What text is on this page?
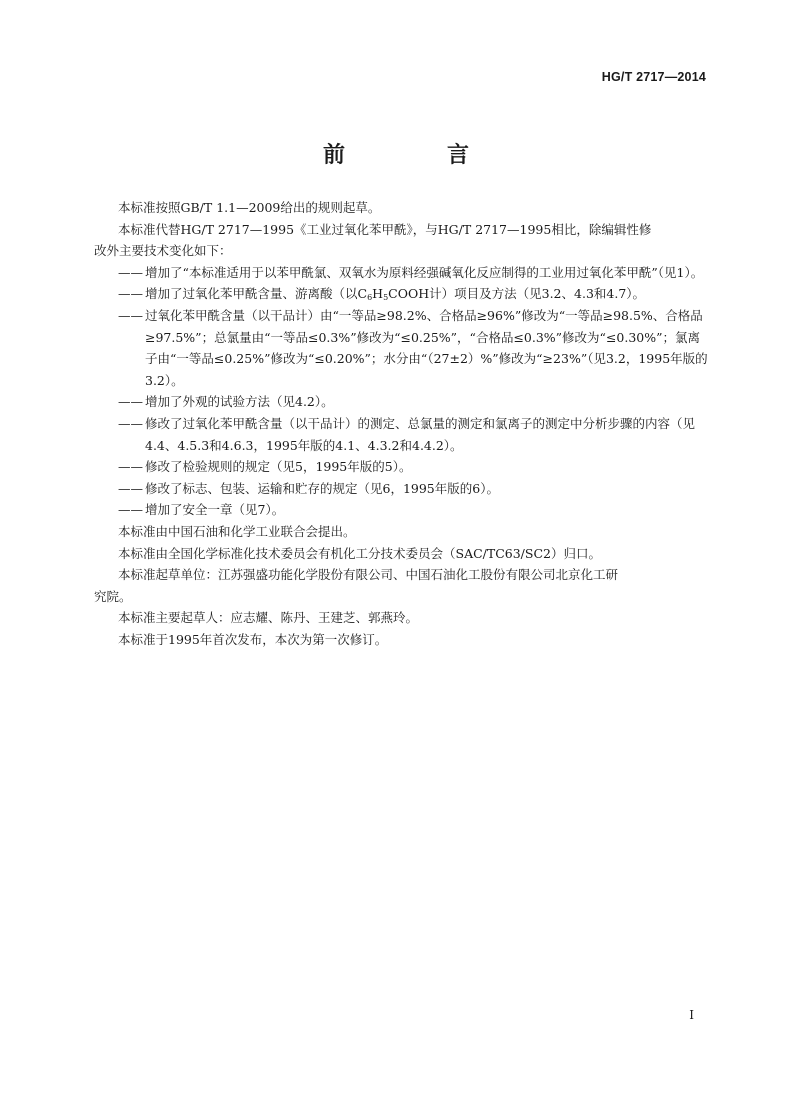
HG/T 2717—2014
前　言

本标准按照GB/T 1.1—2009给出的规则起草。

本标准代替HG/T 2717—1995《工业过氧化苯甲酰》，与HG/T 2717—1995相比，除编辑性修

改外主要技术变化如下：

—— 增加了“本标准适用于以苯甲酰氯、双氧水为原料经强碱氧化反应制得的工业用过氧化苯甲酰”（见1）。
—— 增加了过氧化苯甲酰含量、游离酸（以$C_6H_5COOH$计）项目及方法（见3.2、4.3和4.7）。
—— 过氧化苯甲酰含量（以干品计）由“一等品≥98.2%、合格品≥96%”修改为“一等品≥98.5%、合格品≥97.5%”；总氯量由“一等品≤0.3%”修改为“≤0.25%”，“合格品≤0.3%”修改为“≤0.30%”；氯离子由“一等品≤0.25%”修改为“≤0.20%”；水分由“（27±2）%”修改为“≥23%”（见3.2，1995年版的3.2）。
—— 增加了外观的试验方法（见4.2）。
—— 修改了过氧化苯甲酰含量（以干品计）的测定、总氯量的测定和氯离子的测定中分析步骤的内容（见4.4、4.5.3和4.6.3，1995年版的4.1、4.3.2和4.4.2）。
—— 修改了检验规则的规定（见5，1995年版的5）。
—— 修改了标志、包装、运输和贮存的规定（见6，1995年版的6）。
—— 增加了安全一章（见7）。

本标准由中国石油和化学工业联合会提出。

本标准由全国化学标准化技术委员会有机化工分技术委员会（SAC/TC63/SC2）归口。

本标准起草单位：江苏强盛功能化学股份有限公司、中国石油化工股份有限公司北京化工研

究院。

本标准主要起草人：应志耀、陈丹、王建芝、郭燕玲。

本标准于1995年首次发布，本次为第一次修订。

I
